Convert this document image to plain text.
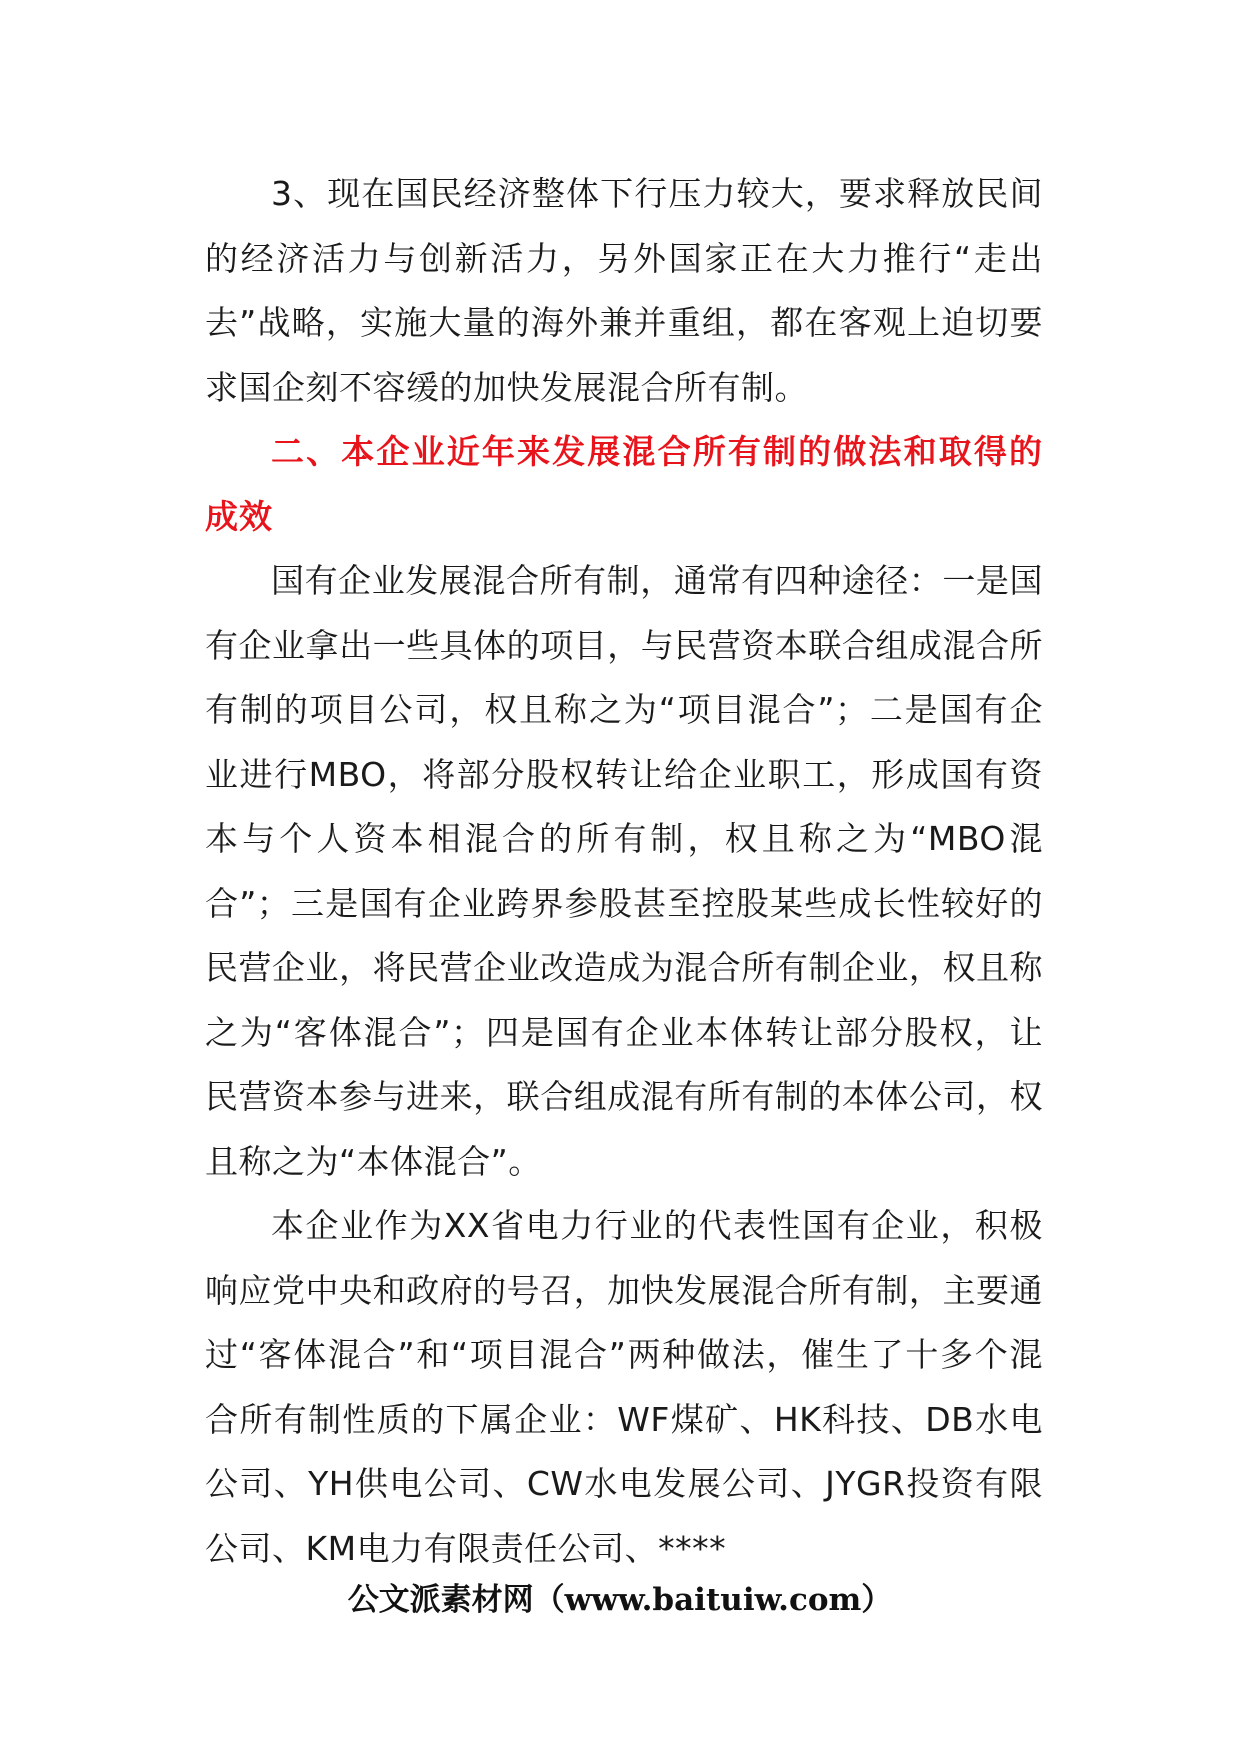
3、现在国民经济整体下行压力较大，要求释放民间的经济活力与创新活力，另外国家正在大力推行“走出去”战略，实施大量的海外兼并重组，都在客观上迫切要求国企刻不容缓的加快发展混合所有制。

二、本企业近年来发展混合所有制的做法和取得的成效

国有企业发展混合所有制，通常有四种途径：一是国有企业拿出一些具体的项目，与民营资本联合组成混合所有制的项目公司，权且称之为“项目混合”；二是国有企业进行MBO，将部分股权转让给企业职工，形成国有资本与个人资本相混合的所有制，权且称之为“MBO混合”；三是国有企业跨界参股甚至控股某些成长性较好的民营企业，将民营企业改造成为混合所有制企业，权且称之为“客体混合”；四是国有企业本体转让部分股权，让民营资本参与进来，联合组成混有所有制的本体公司，权且称之为“本体混合”。

本企业作为XX省电力行业的代表性国有企业，积极响应党中央和政府的号召，加快发展混合所有制，主要通过“客体混合”和“项目混合”两种做法，催生了十多个混合所有制性质的下属企业：WF煤矿、HK科技、DB水电公司、YH供电公司、CW水电发展公司、JYGR投资有限公司、KM电力有限责任公司、****

公文派素材网（www.baituiw.com）
